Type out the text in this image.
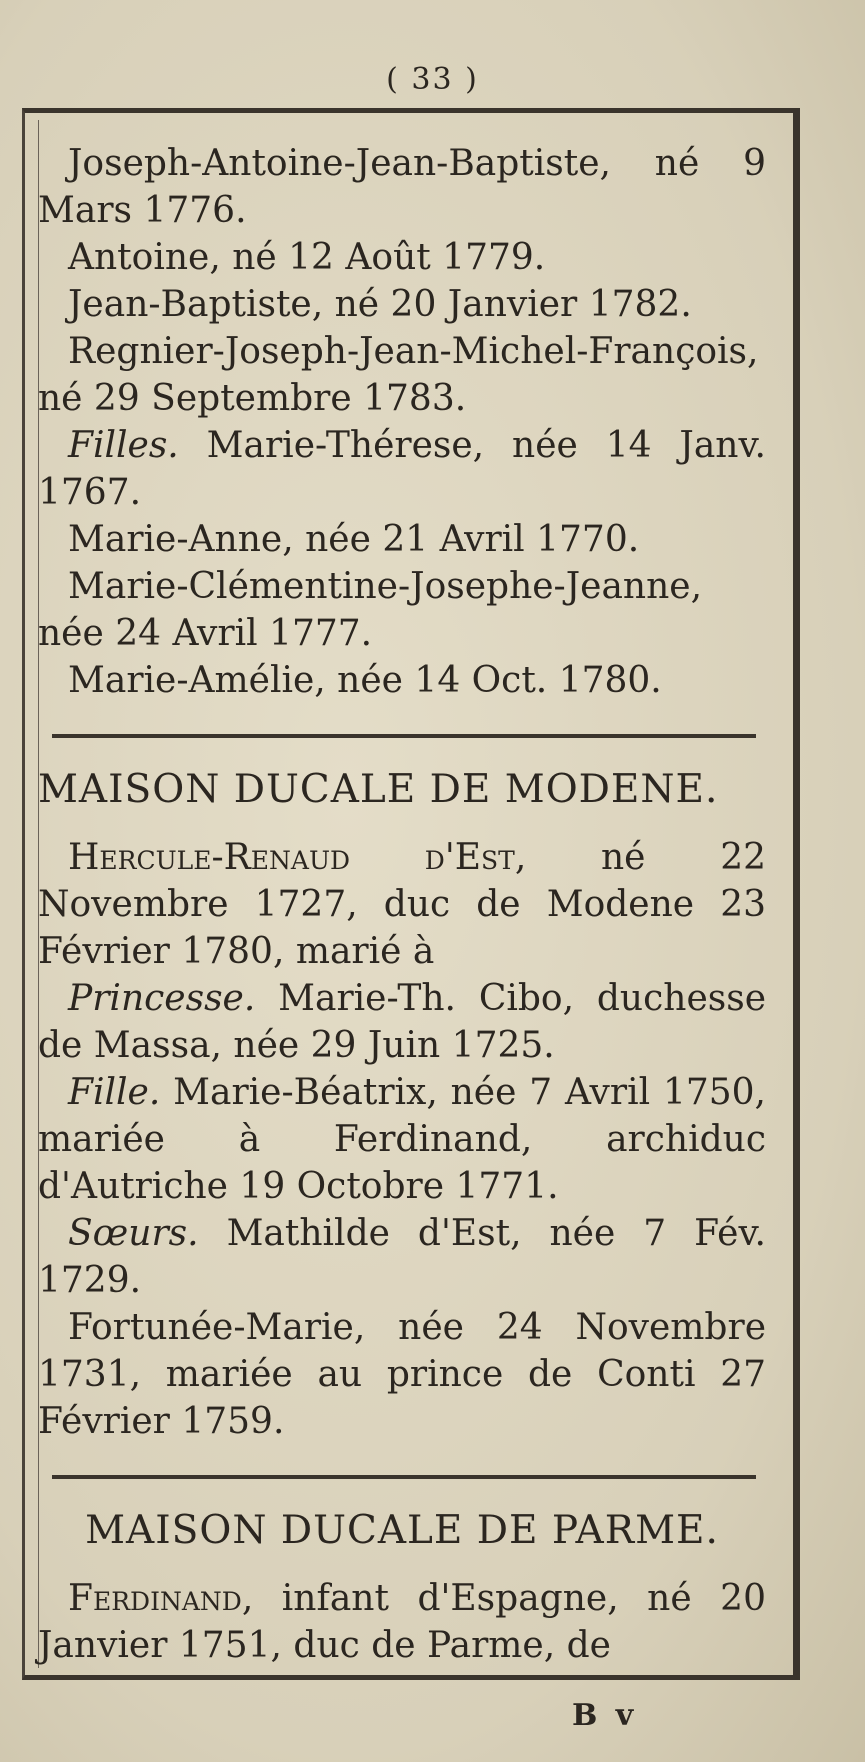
( 33 )

Joseph-Antoine-Jean-Baptiste, né 9 Mars 1776.

Antoine, né 12 Août 1779.

Jean-Baptiste, né 20 Janvier 1782.

Regnier-Joseph-Jean-Michel-François, né 29 Septembre 1783.

Filles. Marie-Thérese, née 14 Janv. 1767.

Marie-Anne, née 21 Avril 1770.

Marie-Clémentine-Josephe-Jeanne, née 24 Avril 1777.

Marie-Amélie, née 14 Oct. 1780.

MAISON DUCALE DE MODENE.

Hercule-Renaud d'Est, né 22 Novembre 1727, duc de Modene 23 Février 1780, marié à

Princesse. Marie-Th. Cibo, duchesse de Massa, née 29 Juin 1725.

Fille. Marie-Béatrix, née 7 Avril 1750, mariée à Ferdinand, archiduc d'Autriche 19 Octobre 1771.

Sœurs. Mathilde d'Est, née 7 Fév. 1729.

Fortunée-Marie, née 24 Novembre 1731, mariée au prince de Conti 27 Février 1759.

MAISON DUCALE DE PARME.

Ferdinand, infant d'Espagne, né 20 Janvier 1751, duc de Parme, de

B v
